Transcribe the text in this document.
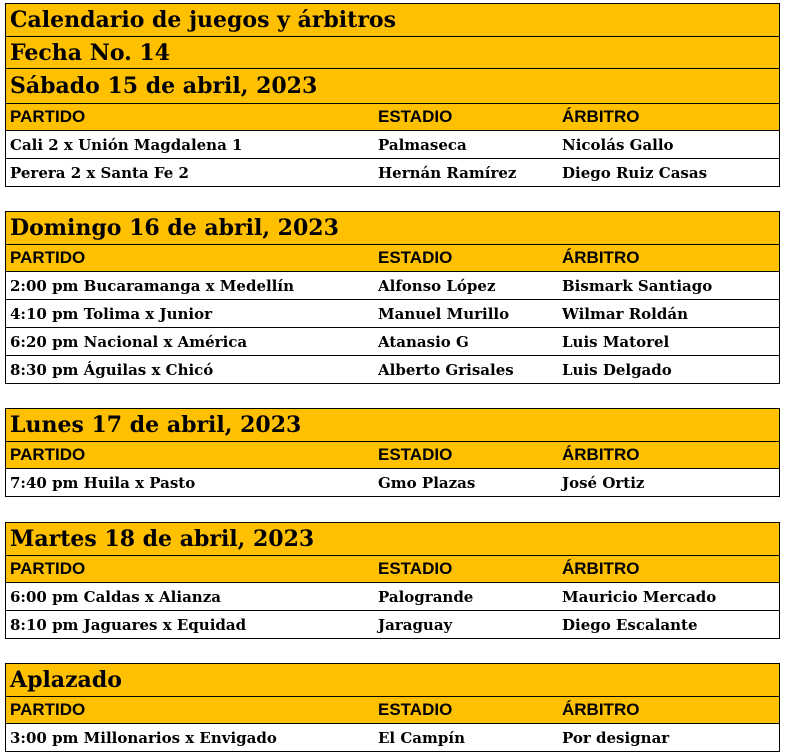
Calendario de juegos y árbitros
Fecha No. 14
Sábado 15 de abril, 2023
PARTIDO	ESTADIO	ÁRBITRO
Cali 2 x Unión Magdalena 1	Palmaseca	Nicolás Gallo
Perera 2 x Santa Fe 2	Hernán Ramírez	Diego Ruiz Casas
Domingo 16 de abril, 2023
PARTIDO	ESTADIO	ÁRBITRO
2:00 pm Bucaramanga x Medellín	Alfonso López	Bismark Santiago
4:10 pm Tolima x Junior	Manuel Murillo	Wilmar Roldán
6:20 pm Nacional x América	Atanasio G	Luis Matorel
8:30 pm Águilas x Chicó	Alberto Grisales	Luis Delgado
Lunes 17 de abril, 2023
PARTIDO	ESTADIO	ÁRBITRO
7:40 pm Huila x Pasto	Gmo Plazas	José Ortiz
Martes 18 de abril, 2023
PARTIDO	ESTADIO	ÁRBITRO
6:00 pm Caldas x Alianza	Palogrande	Mauricio Mercado
8:10 pm Jaguares x Equidad	Jaraguay	Diego Escalante
Aplazado
PARTIDO	ESTADIO	ÁRBITRO
3:00 pm Millonarios x Envigado	El Campín	Por designar
